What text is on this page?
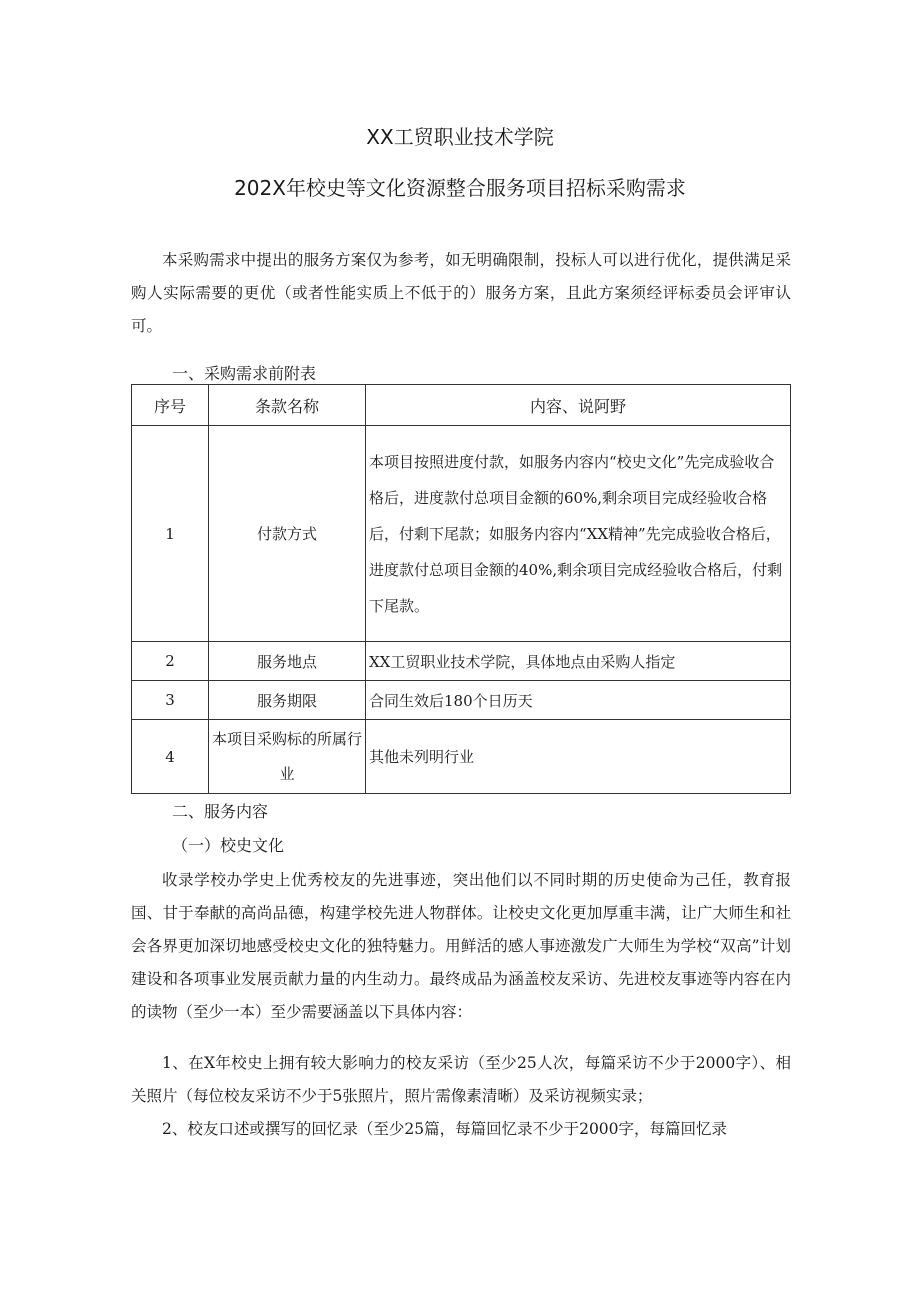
XX工贸职业技术学院
202X年校史等文化资源整合服务项目招标采购需求

本采购需求中提出的服务方案仅为参考，如无明确限制，投标人可以进行优化，提供满足采购人实际需要的更优（或者性能实质上不低于的）服务方案，且此方案须经评标委员会评审认可。

一、采购需求前附表
序号	条款名称	内容、说阿野
1	付款方式	本项目按照进度付款，如服务内容内“校史文化”先完成验收合格后，进度款付总项目金额的60%,剩余项目完成经验收合格后，付剩下尾款；如服务内容内“XX精神”先完成验收合格后，进度款付总项目金额的40%,剩余项目完成经验收合格后，付剩下尾款。
2	服务地点	XX工贸职业技术学院，具体地点由采购人指定
3	服务期限	合同生效后180个日历天
4	本项目采购标的所属行业	其他未列明行业
二、服务内容
（一）校史文化

收录学校办学史上优秀校友的先进事迹，突出他们以不同时期的历史使命为己任，教育报国、甘于奉献的高尚品德，构建学校先进人物群体。让校史文化更加厚重丰满，让广大师生和社会各界更加深切地感受校史文化的独特魅力。用鲜活的感人事迹激发广大师生为学校“双高”计划建设和各项事业发展贡献力量的内生动力。最终成品为涵盖校友采访、先进校友事迹等内容在内的读物（至少一本）至少需要涵盖以下具体内容：

1、在X年校史上拥有较大影响力的校友采访（至少25人次，每篇采访不少于2000字）、相关照片（每位校友采访不少于5张照片，照片需像素清晰）及采访视频实录；

2、校友口述或撰写的回忆录（至少25篇，每篇回忆录不少于2000字，每篇回忆录
